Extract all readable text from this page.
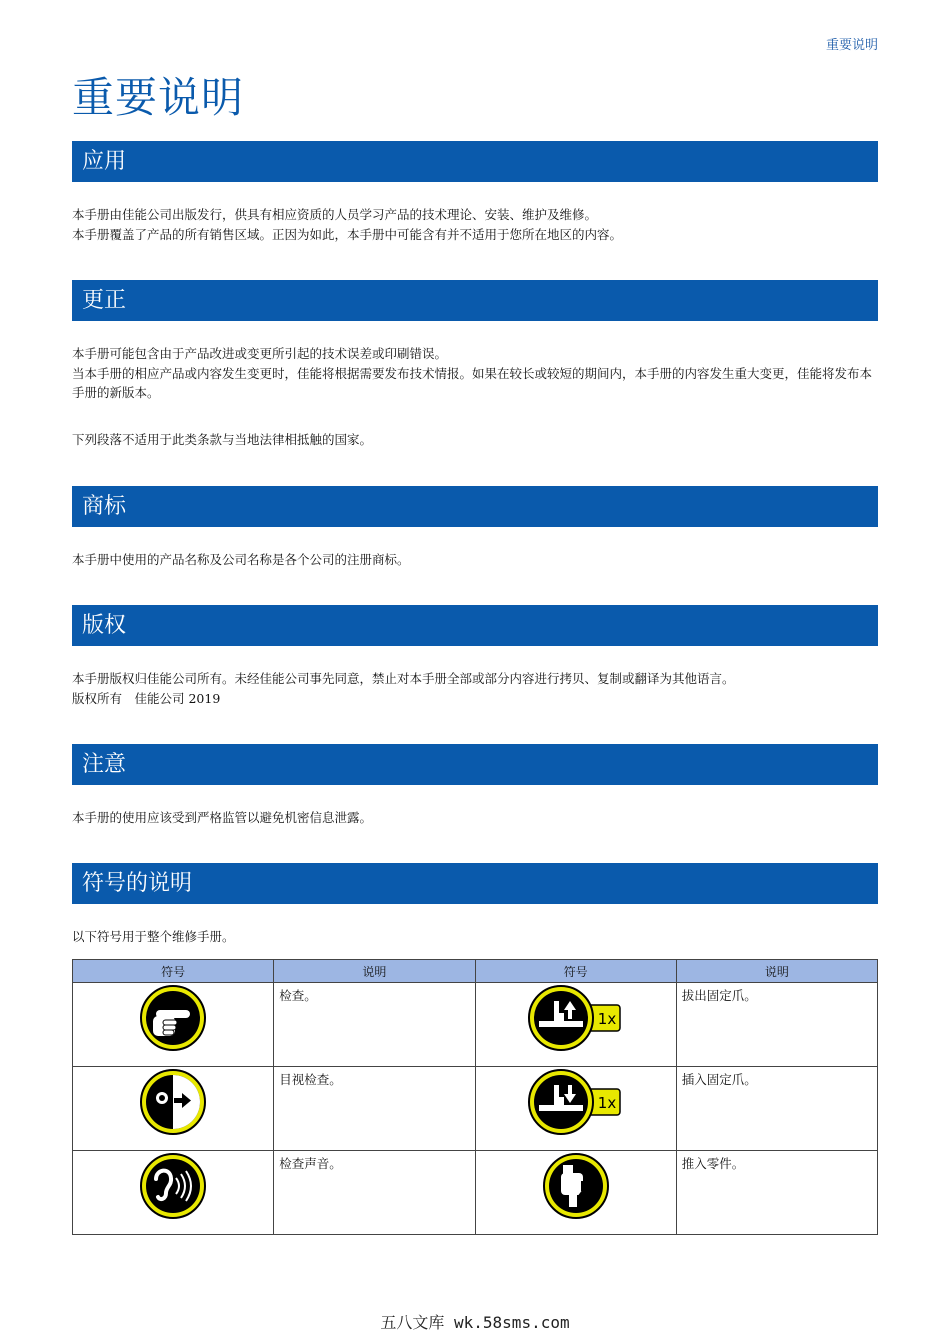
重要说明
重要说明
应用

本手册由佳能公司出版发行，供具有相应资质的人员学习产品的技术理论、安装、维护及维修。

本手册覆盖了产品的所有销售区域。正因为如此，本手册中可能含有并不适用于您所在地区的内容。

更正

本手册可能包含由于产品改进或变更所引起的技术误差或印刷错误。

当本手册的相应产品或内容发生变更时，佳能将根据需要发布技术情报。如果在较长或较短的期间内，本手册的内容发生重大变更，佳能将发布本手册的新版本。

下列段落不适用于此类条款与当地法律相抵触的国家。

商标

本手册中使用的产品名称及公司名称是各个公司的注册商标。

版权

本手册版权归佳能公司所有。未经佳能公司事先同意，禁止对本手册全部或部分内容进行拷贝、复制或翻译为其他语言。

版权所有　佳能公司 2019

注意

本手册的使用应该受到严格监管以避免机密信息泄露。

符号的说明

以下符号用于整个维修手册。

符号	说明	符号	说明
	检查。	1x	拔出固定爪。
	目视检查。	1x	插入固定爪。
	检查声音。		推入零件。
五八文库 wk.58sms.com
